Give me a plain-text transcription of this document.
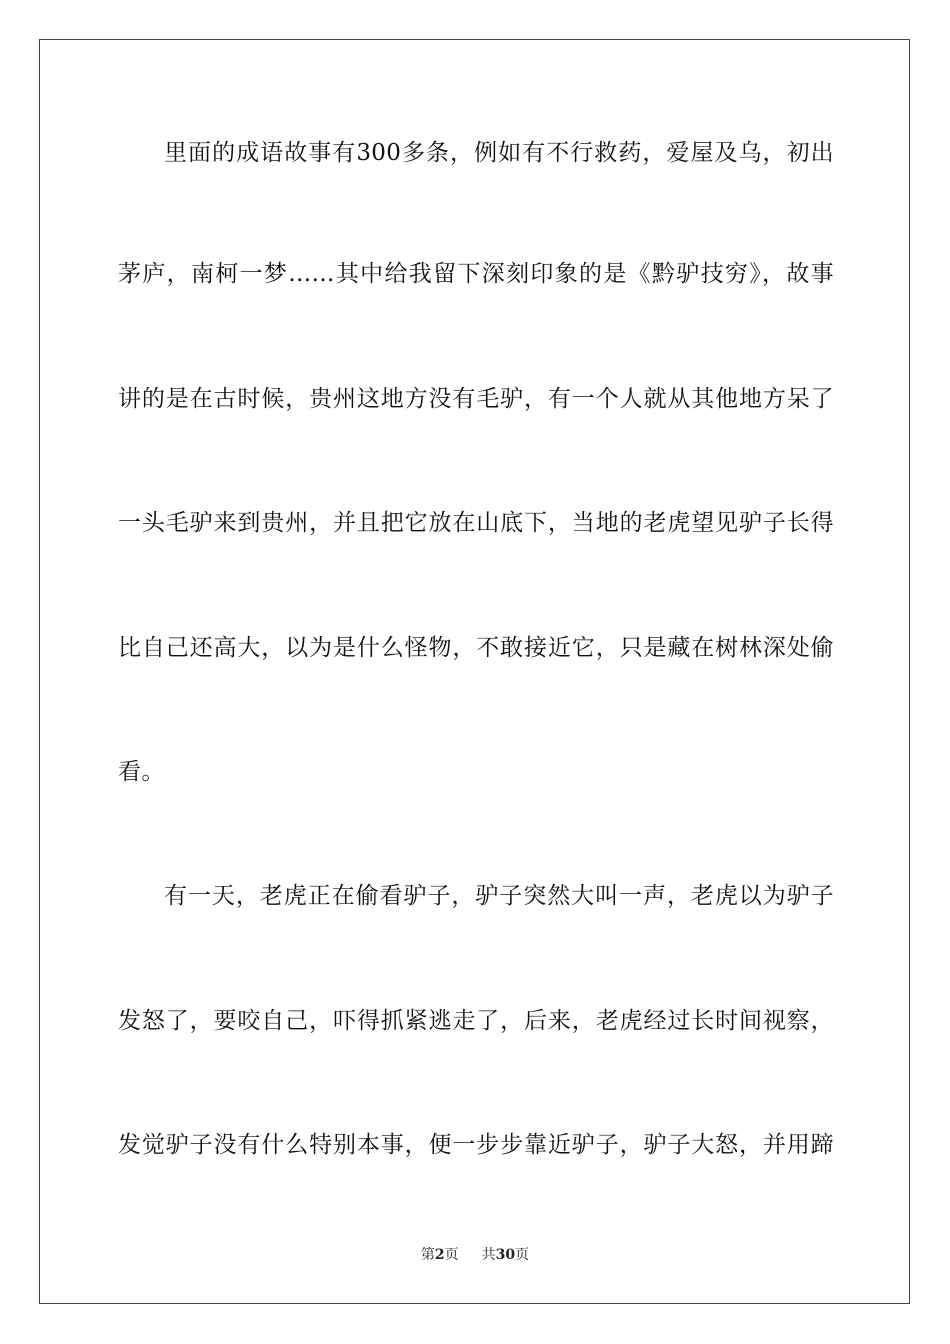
里面的成语故事有300多条，例如有不行救药，爱屋及乌，初出
茅庐，南柯一梦……其中给我留下深刻印象的是《黔驴技穷》，故事
讲的是在古时候，贵州这地方没有毛驴，有一个人就从其他地方呆了
一头毛驴来到贵州，并且把它放在山底下，当地的老虎望见驴子长得
比自己还高大，以为是什么怪物，不敢接近它，只是藏在树林深处偷
看。
有一天，老虎正在偷看驴子，驴子突然大叫一声，老虎以为驴子
发怒了，要咬自己，吓得抓紧逃走了，后来，老虎经过长时间视察，
发觉驴子没有什么特别本事，便一步步靠近驴子，驴子大怒，并用蹄
第2页 共30页
